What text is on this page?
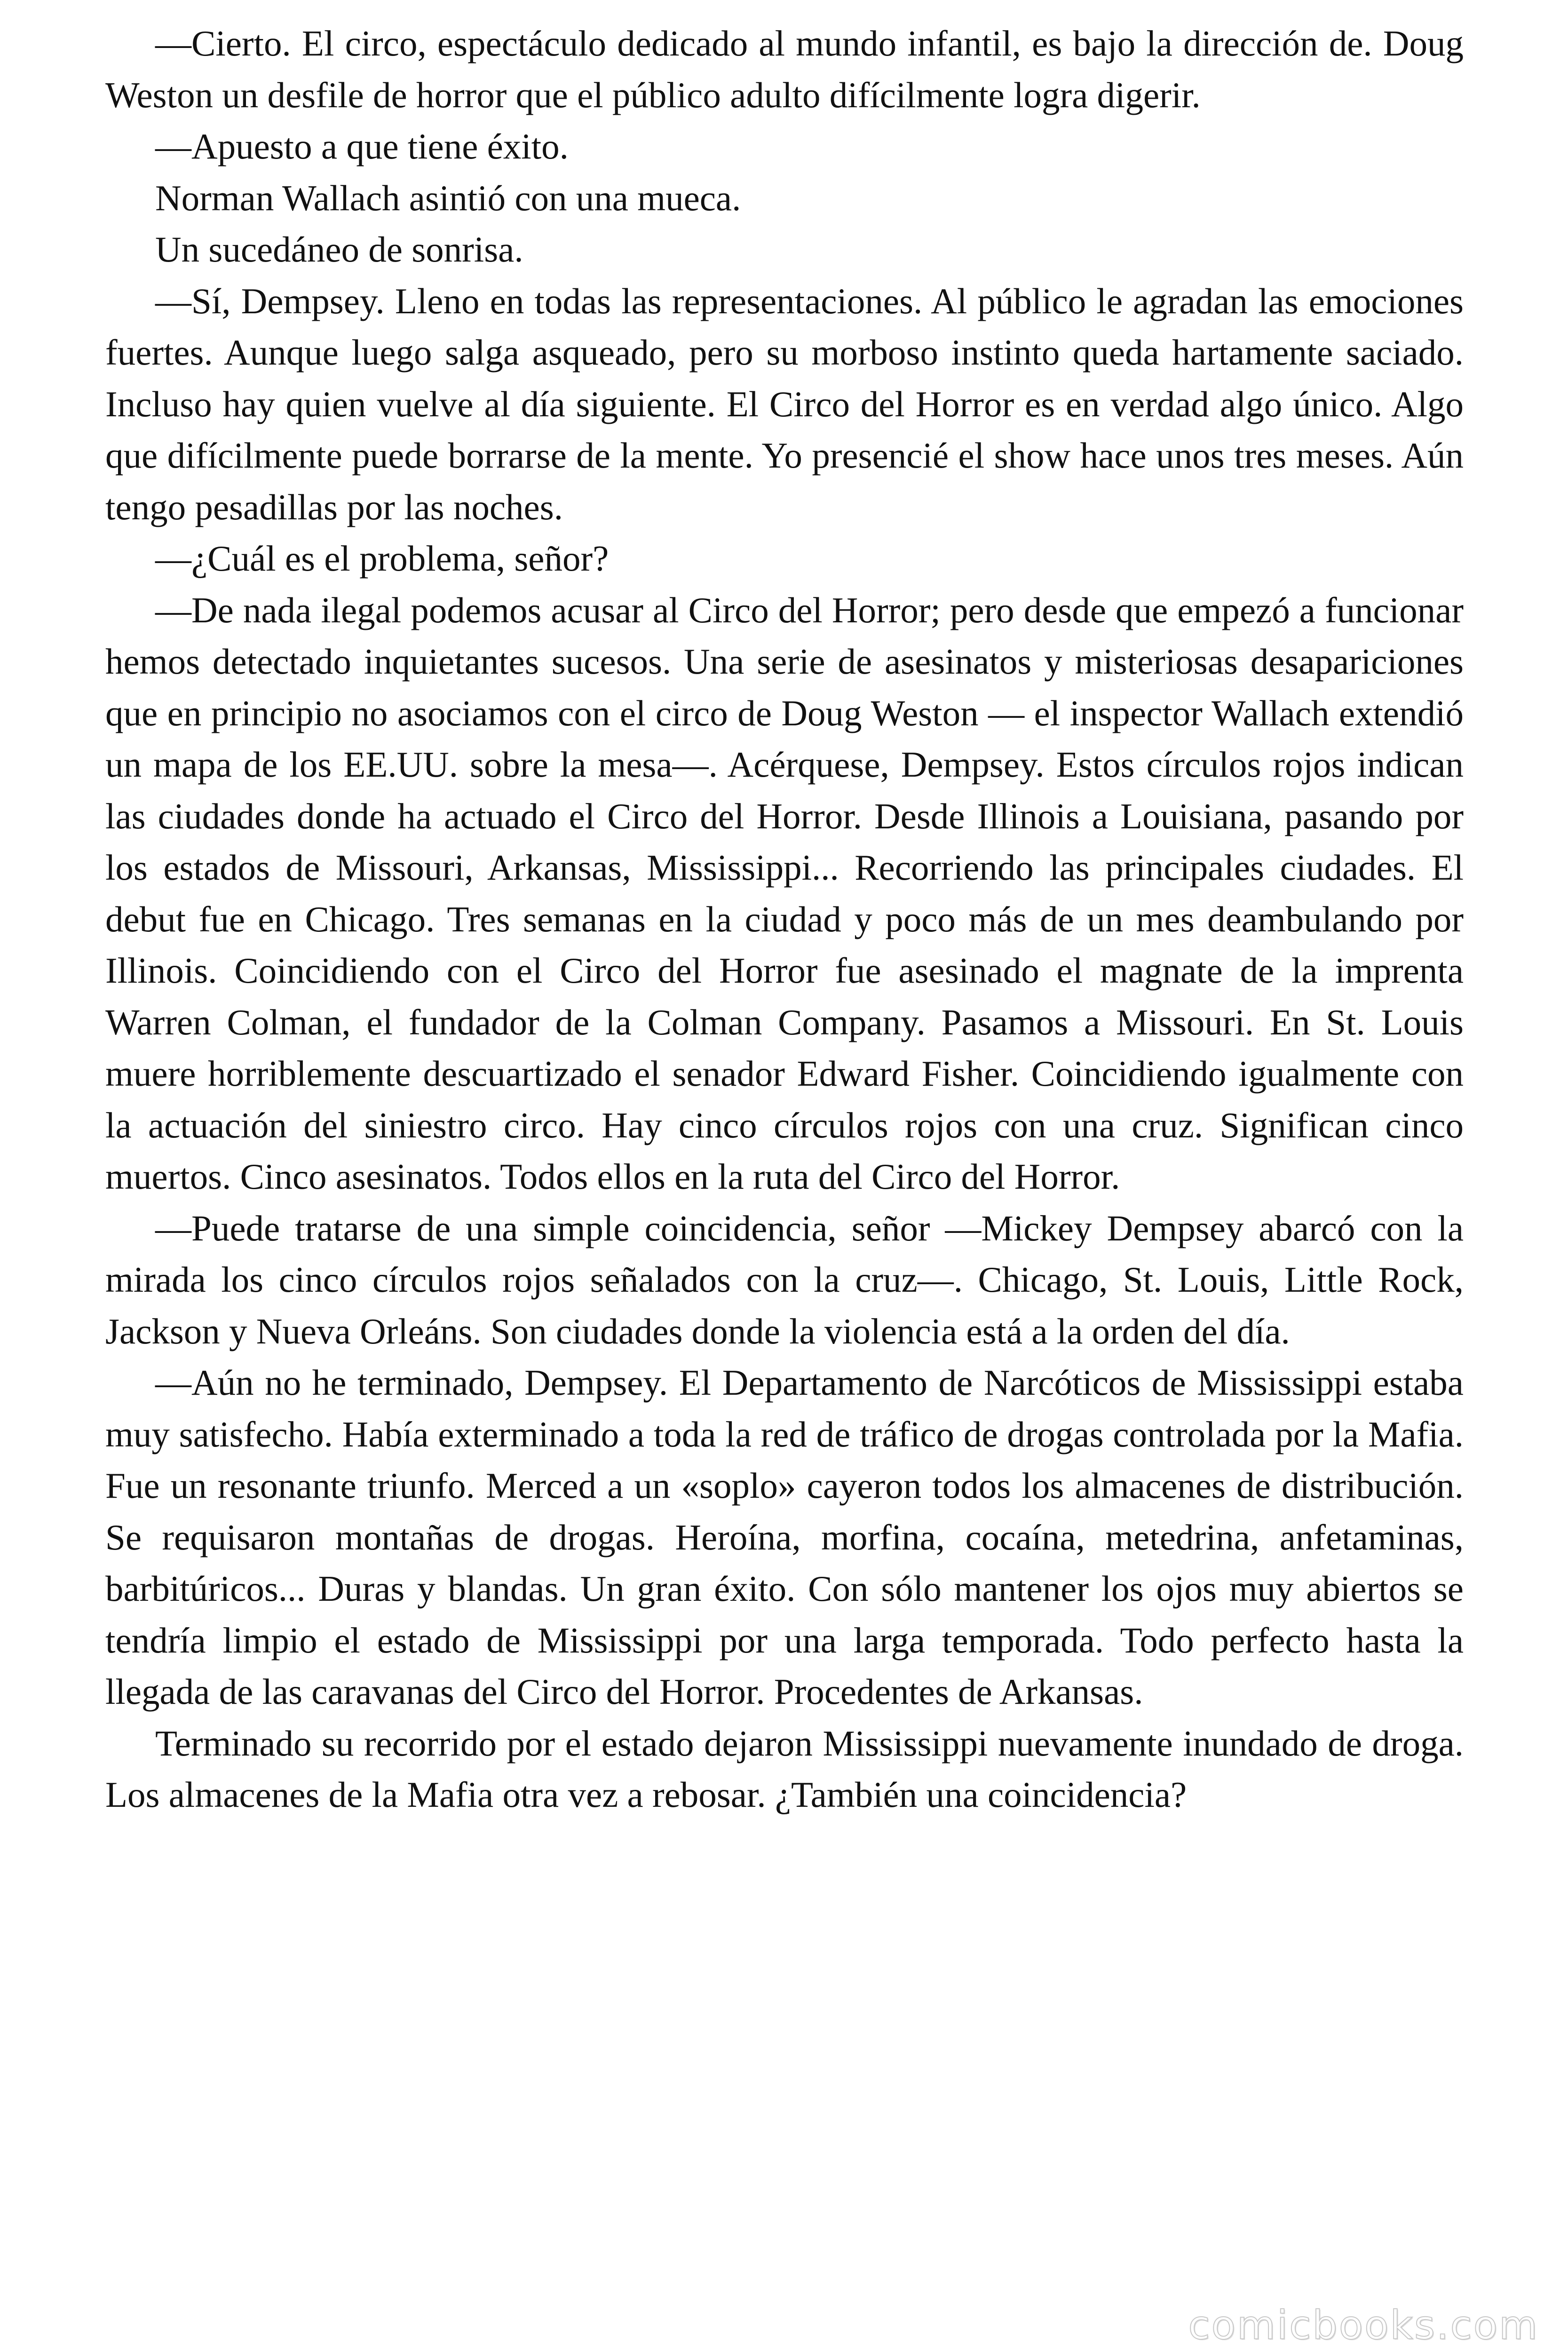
—Cierto. El circo, espectáculo dedicado al mundo infantil, es bajo la dirección de. Doug Weston un desfile de horror que el público adulto difícilmente logra digerir.

—Apuesto a que tiene éxito.

Norman Wallach asintió con una mueca.

Un sucedáneo de sonrisa.

—Sí, Dempsey. Lleno en todas las representaciones. Al público le agradan las emociones fuertes. Aunque luego salga asqueado, pero su morboso instinto queda hartamente saciado. Incluso hay quien vuelve al día siguiente. El Circo del Horror es en verdad algo único. Algo que difícilmente puede borrarse de la mente. Yo presencié el show hace unos tres meses. Aún tengo pesadillas por las noches.

—¿Cuál es el problema, señor?

—De nada ilegal podemos acusar al Circo del Horror; pero desde que empezó a funcionar hemos detectado inquietantes sucesos. Una serie de asesinatos y misteriosas desapariciones que en principio no asociamos con el circo de Doug Weston — el inspector Wallach extendió un mapa de los EE.UU. sobre la mesa—. Acérquese, Dempsey. Estos círculos rojos indican las ciudades donde ha actuado el Circo del Horror. Desde Illinois a Louisiana, pasando por los estados de Missouri, Arkansas, Mississippi... Recorriendo las principales ciudades. El debut fue en Chicago. Tres semanas en la ciudad y poco más de un mes deambulando por Illinois. Coincidiendo con el Circo del Horror fue asesinado el magnate de la imprenta Warren Colman, el fundador de la Colman Company. Pasamos a Missouri. En St. Louis muere horriblemente descuartizado el senador Edward Fisher. Coincidiendo igualmente con la actuación del siniestro circo. Hay cinco círculos rojos con una cruz. Significan cinco muertos. Cinco asesinatos. Todos ellos en la ruta del Circo del Horror.

—Puede tratarse de una simple coincidencia, señor —Mickey Dempsey abarcó con la mirada los cinco círculos rojos señalados con la cruz—. Chicago, St. Louis, Little Rock, Jackson y Nueva Orleáns. Son ciudades donde la violencia está a la orden del día.

—Aún no he terminado, Dempsey. El Departamento de Narcóticos de Mississippi estaba muy satisfecho. Había exterminado a toda la red de tráfico de drogas controlada por la Mafia. Fue un resonante triunfo. Merced a un «soplo» cayeron todos los almacenes de distribución. Se requisaron montañas de drogas. Heroína, morfina, cocaína, metedrina, anfetaminas, barbitúricos... Duras y blandas. Un gran éxito. Con sólo mantener los ojos muy abiertos se tendría limpio el estado de Mississippi por una larga temporada. Todo perfecto hasta la llegada de las caravanas del Circo del Horror. Procedentes de Arkansas.

Terminado su recorrido por el estado dejaron Mississippi nuevamente inundado de droga. Los almacenes de la Mafia otra vez a rebosar. ¿También una coincidencia?

comicbooks.com
